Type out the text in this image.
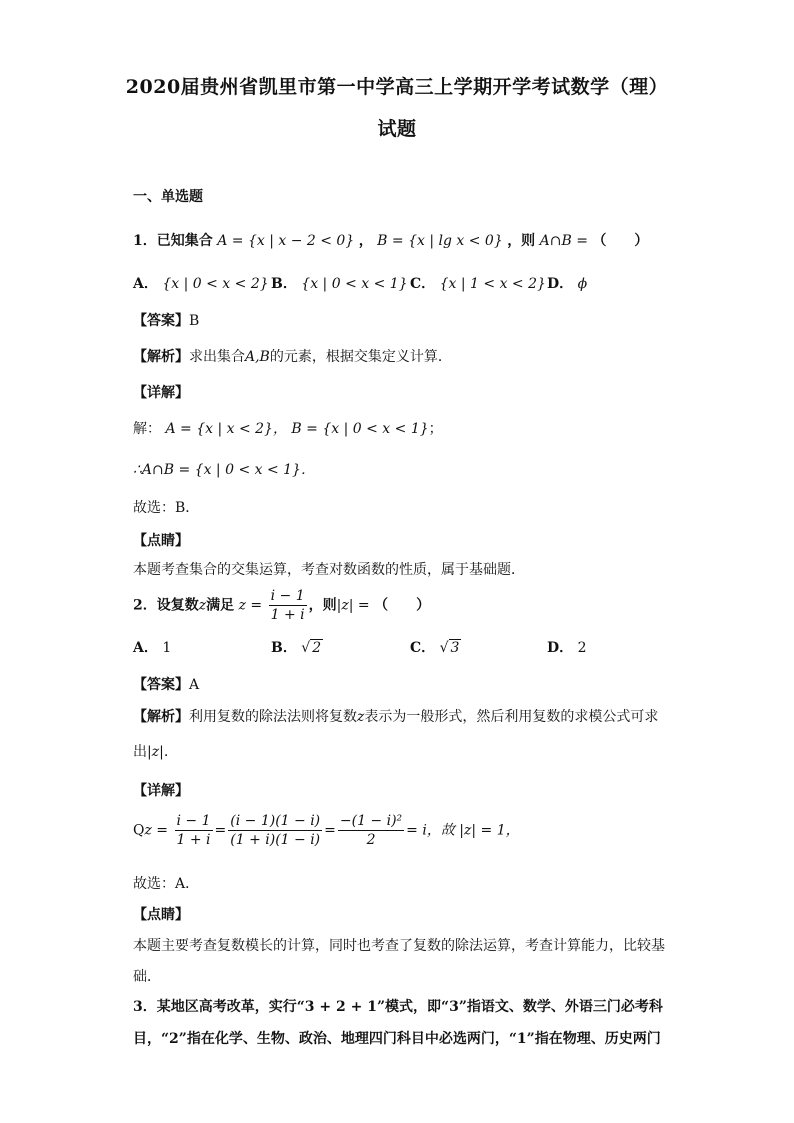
2020届贵州省凯里市第一中学高三上学期开学考试数学（理）
试题
一、单选题
1．已知集合 A = {x | x − 2 < 0} ， B = {x | lg x < 0} ，则 A∩B = （　　）
A． {x | 0 < x < 2} B． {x | 0 < x < 1} C． {x | 1 < x < 2} D． ϕ
【答案】B
【解析】求出集合A,B的元素，根据交集定义计算．
【详解】
解： A = {x | x < 2}， B = {x | 0 < x < 1}；
∴A∩B = {x | 0 < x < 1}．
故选：B．
【点睛】
本题考查集合的交集运算，考查对数函数的性质，属于基础题．
2．设复数z满足 $z = \frac{i - 1}{1 + i}$ ，则|z| = （　　）
A． 1	B． √ 2	C． √ 3	D． 2
【答案】A
【解析】利用复数的除法法则将复数z表示为一般形式，然后利用复数的求模公式可求
出|z|.
【详解】
$Qz = \frac{i - 1}{1 + i} = \frac{(i - 1)(1 - i)}{(1 + i)(1 - i)} = \frac{\text{−(1 − i)²}}{2} = i$，故 |z| = 1，
故选：A．
【点睛】
本题主要考查复数模长的计算，同时也考查了复数的除法运算，考查计算能力，比较基
础．
3．某地区高考改革，实行“3 + 2 + 1”模式，即“3”指语文、数学、外语三门必考科
目，“2”指在化学、生物、政治、地理四门科目中必选两门，“1”指在物理、历史两门
